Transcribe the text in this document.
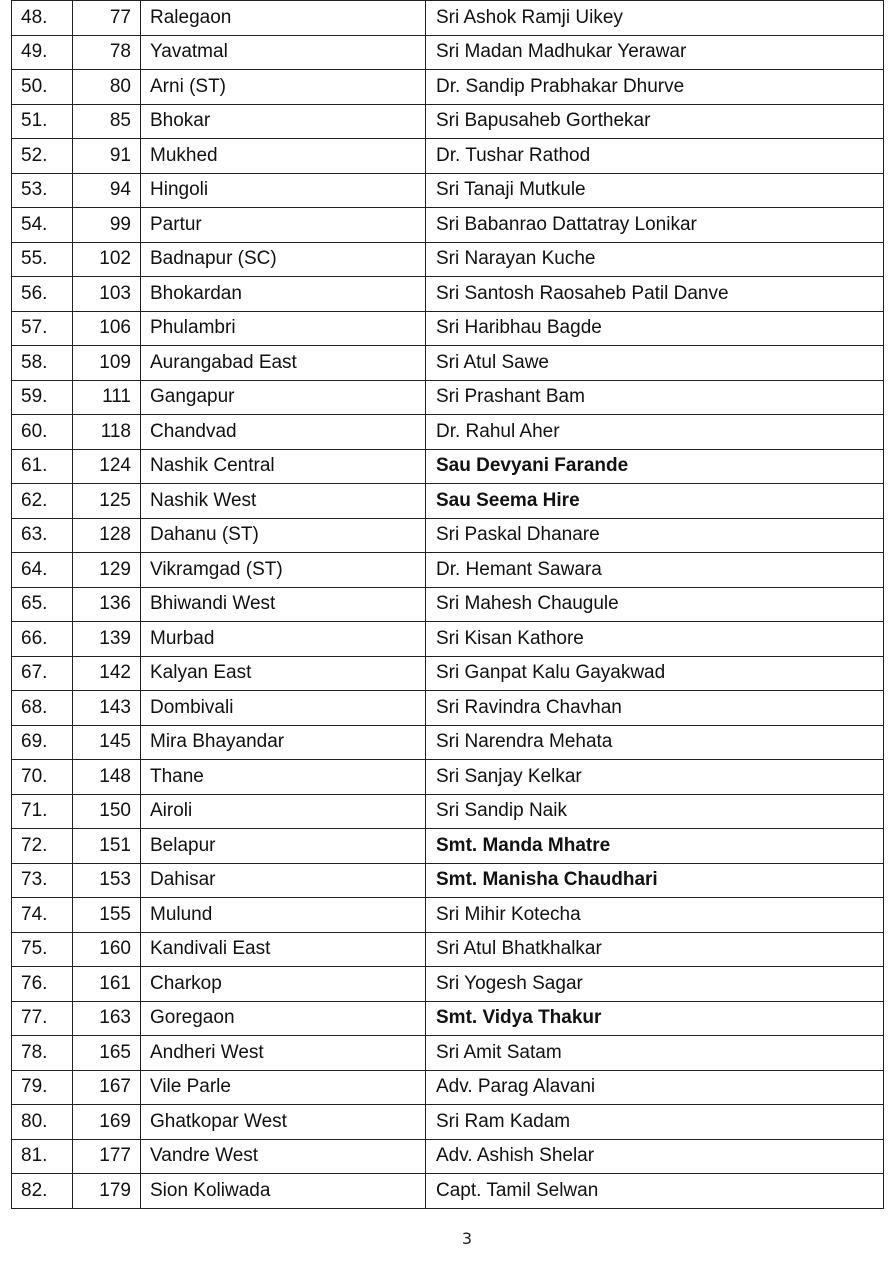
48.	77	Ralegaon	Sri Ashok Ramji Uikey
49.	78	Yavatmal	Sri Madan Madhukar Yerawar
50.	80	Arni (ST)	Dr. Sandip Prabhakar Dhurve
51.	85	Bhokar	Sri Bapusaheb Gorthekar
52.	91	Mukhed	Dr. Tushar Rathod
53.	94	Hingoli	Sri Tanaji Mutkule
54.	99	Partur	Sri Babanrao Dattatray Lonikar
55.	102	Badnapur (SC)	Sri Narayan Kuche
56.	103	Bhokardan	Sri Santosh Raosaheb Patil Danve
57.	106	Phulambri	Sri Haribhau Bagde
58.	109	Aurangabad East	Sri Atul Sawe
59.	111	Gangapur	Sri Prashant Bam
60.	118	Chandvad	Dr. Rahul Aher
61.	124	Nashik Central	Sau Devyani Farande
62.	125	Nashik West	Sau Seema Hire
63.	128	Dahanu (ST)	Sri Paskal Dhanare
64.	129	Vikramgad (ST)	Dr. Hemant Sawara
65.	136	Bhiwandi West	Sri Mahesh Chaugule
66.	139	Murbad	Sri Kisan Kathore
67.	142	Kalyan East	Sri Ganpat Kalu Gayakwad
68.	143	Dombivali	Sri Ravindra Chavhan
69.	145	Mira Bhayandar	Sri Narendra Mehata
70.	148	Thane	Sri Sanjay Kelkar
71.	150	Airoli	Sri Sandip Naik
72.	151	Belapur	Smt. Manda Mhatre
73.	153	Dahisar	Smt. Manisha Chaudhari
74.	155	Mulund	Sri Mihir Kotecha
75.	160	Kandivali East	Sri Atul Bhatkhalkar
76.	161	Charkop	Sri Yogesh Sagar
77.	163	Goregaon	Smt. Vidya Thakur
78.	165	Andheri West	Sri Amit Satam
79.	167	Vile Parle	Adv. Parag Alavani
80.	169	Ghatkopar West	Sri Ram Kadam
81.	177	Vandre West	Adv. Ashish Shelar
82.	179	Sion Koliwada	Capt. Tamil Selwan
3
